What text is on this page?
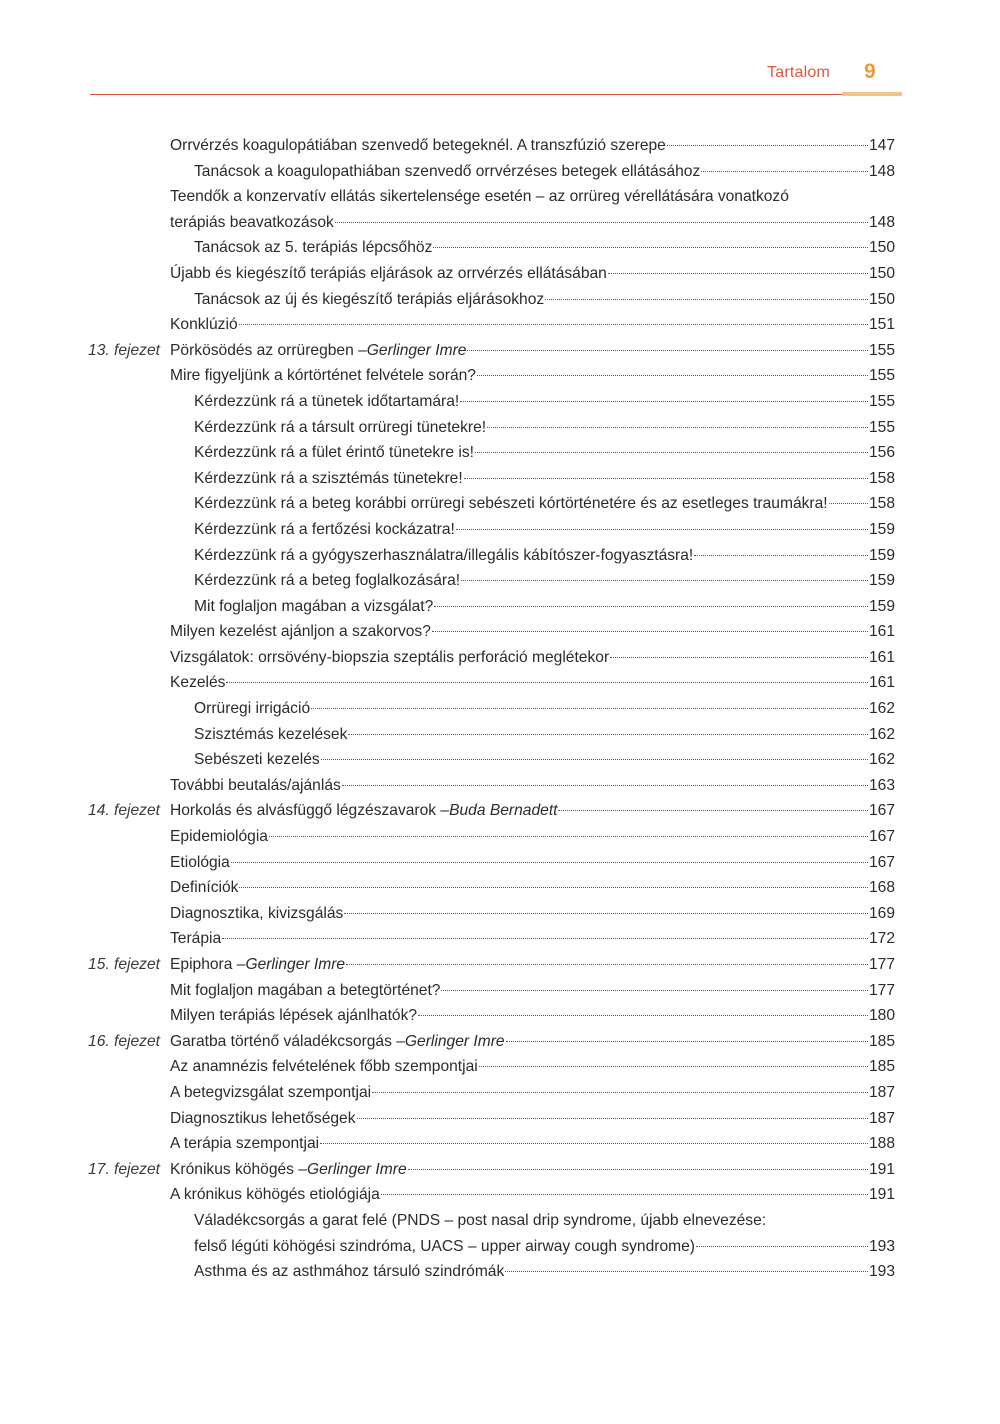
Tartalom 9
Orrvérzés koagulopátiában szenvedő betegeknél. A transzfúzió szerepe	147
Tanácsok a koagulopathiában szenvedő orrvérzéses betegek ellátásához	148
Teendők a konzervatív ellátás sikertelensége esetén – az orrüreg vérellátására vonatkozó
terápiás beavatkozások	148
Tanácsok az 5. terápiás lépcsőhöz	150
Újabb és kiegészítő terápiás eljárások az orrvérzés ellátásában	150
Tanácsok az új és kiegészítő terápiás eljárásokhoz	150
Konklúzió	151
13. fejezet Pörkösödés az orrüregben – Gerlinger Imre	155
Mire figyeljünk a kórtörténet felvétele során?	155
Kérdezzünk rá a tünetek időtartamára!	155
Kérdezzünk rá a társult orrüregi tünetekre!	155
Kérdezzünk rá a fület érintő tünetekre is!	156
Kérdezzünk rá a szisztémás tünetekre!	158
Kérdezzünk rá a beteg korábbi orrüregi sebészeti kórtörténetére és az esetleges traumákra!	158
Kérdezzünk rá a fertőzési kockázatra!	159
Kérdezzünk rá a gyógyszerhasználatra/illegális kábítószer-fogyasztásra!	159
Kérdezzünk rá a beteg foglalkozására!	159
Mit foglaljon magában a vizsgálat?	159
Milyen kezelést ajánljon a szakorvos?	161
Vizsgálatok: orrsövény-biopszia szeptális perforáció meglétekor	161
Kezelés	161
Orrüregi irrigáció	162
Szisztémás kezelések	162
Sebészeti kezelés	162
További beutalás/ajánlás	163
14. fejezet Horkolás és alvásfüggő légzészavarok – Buda Bernadett	167
Epidemiológia	167
Etiológia	167
Definíciók	168
Diagnosztika, kivizsgálás	169
Terápia	172
15. fejezet Epiphora – Gerlinger Imre	177
Mit foglaljon magában a betegtörténet?	177
Milyen terápiás lépések ajánlhatók?	180
16. fejezet Garatba történő váladékcsorgás – Gerlinger Imre	185
Az anamnézis felvételének főbb szempontjai	185
A betegvizsgálat szempontjai	187
Diagnosztikus lehetőségek	187
A terápia szempontjai	188
17. fejezet Krónikus köhögés – Gerlinger Imre	191
A krónikus köhögés etiológiája	191
Váladékcsorgás a garat felé (PNDS – post nasal drip syndrome, újabb elnevezése:
felső légúti köhögési szindróma, UACS – upper airway cough syndrome)	193
Asthma és az asthmához társuló szindrómák	193
